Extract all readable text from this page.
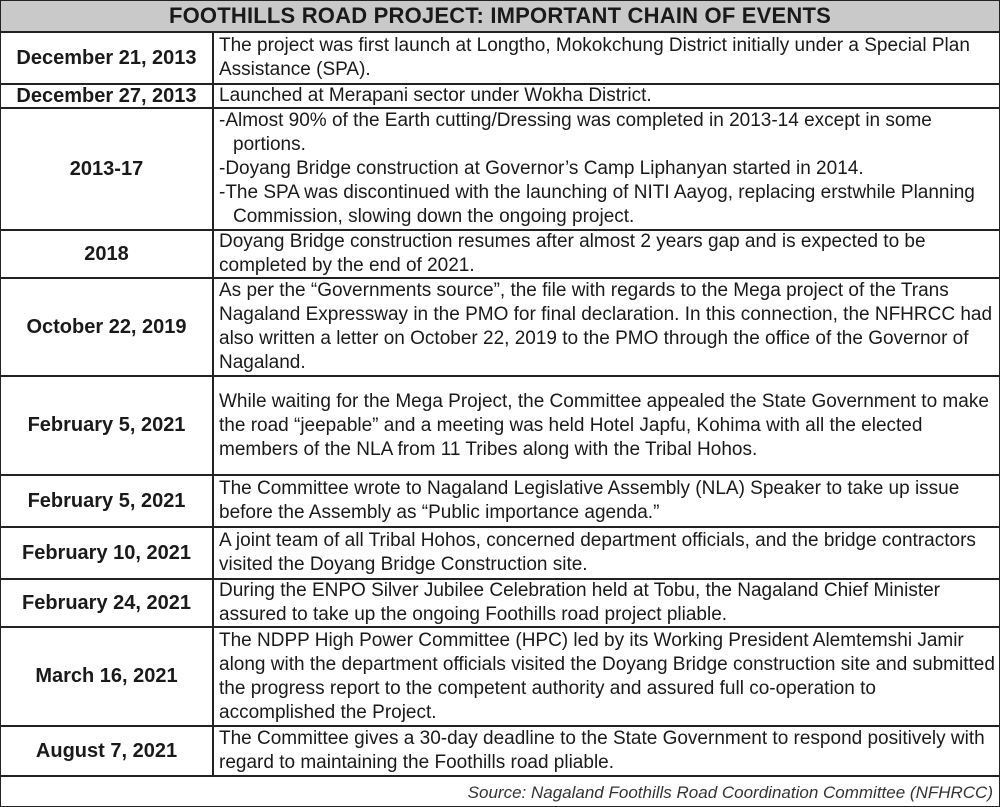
FOOTHILLS ROAD PROJECT: IMPORTANT CHAIN OF EVENTS
December 21, 2013

The project was first launch at Longtho, Mokokchung District initially under a Special Plan Assistance (SPA).

December 27, 2013	Launched at Merapani sector under Wokha District.

2013-17

-Almost 90% of the Earth cutting/Dressing was completed in 2013-14 except in some portions.

-Doyang Bridge construction at Governor’s Camp Liphanyan started in 2014.

-The SPA was discontinued with the launching of NITI Aayog, replacing erstwhile Planning Commission, slowing down the ongoing project.

2018

Doyang Bridge construction resumes after almost 2 years gap and is expected to be completed by the end of 2021.

October 22, 2019

As per the “Governments source”, the file with regards to the Mega project of the Trans Nagaland Expressway in the PMO for final declaration. In this connection, the NFHRCC had also written a letter on October 22, 2019 to the PMO through the office of the Governor of Nagaland.

February 5, 2021

While waiting for the Mega Project, the Committee appealed the State Government to make the road “jeepable” and a meeting was held Hotel Japfu, Kohima with all the elected members of the NLA from 11 Tribes along with the Tribal Hohos.

February 5, 2021

The Committee wrote to Nagaland Legislative Assembly (NLA) Speaker to take up issue before the Assembly as “Public importance agenda.”

February 10, 2021

A joint team of all Tribal Hohos, concerned department officials, and the bridge contractors visited the Doyang Bridge Construction site.

February 24, 2021

During the ENPO Silver Jubilee Celebration held at Tobu, the Nagaland Chief Minister assured to take up the ongoing Foothills road project pliable.

March 16, 2021

The NDPP High Power Committee (HPC) led by its Working President Alemtemshi Jamir along with the department officials visited the Doyang Bridge construction site and submitted the progress report to the competent authority and assured full co-operation to accomplished the Project.

August 7, 2021

The Committee gives a 30-day deadline to the State Government to respond positively with regard to maintaining the Foothills road pliable.

Source: Nagaland Foothills Road Coordination Committee (NFHRCC)
